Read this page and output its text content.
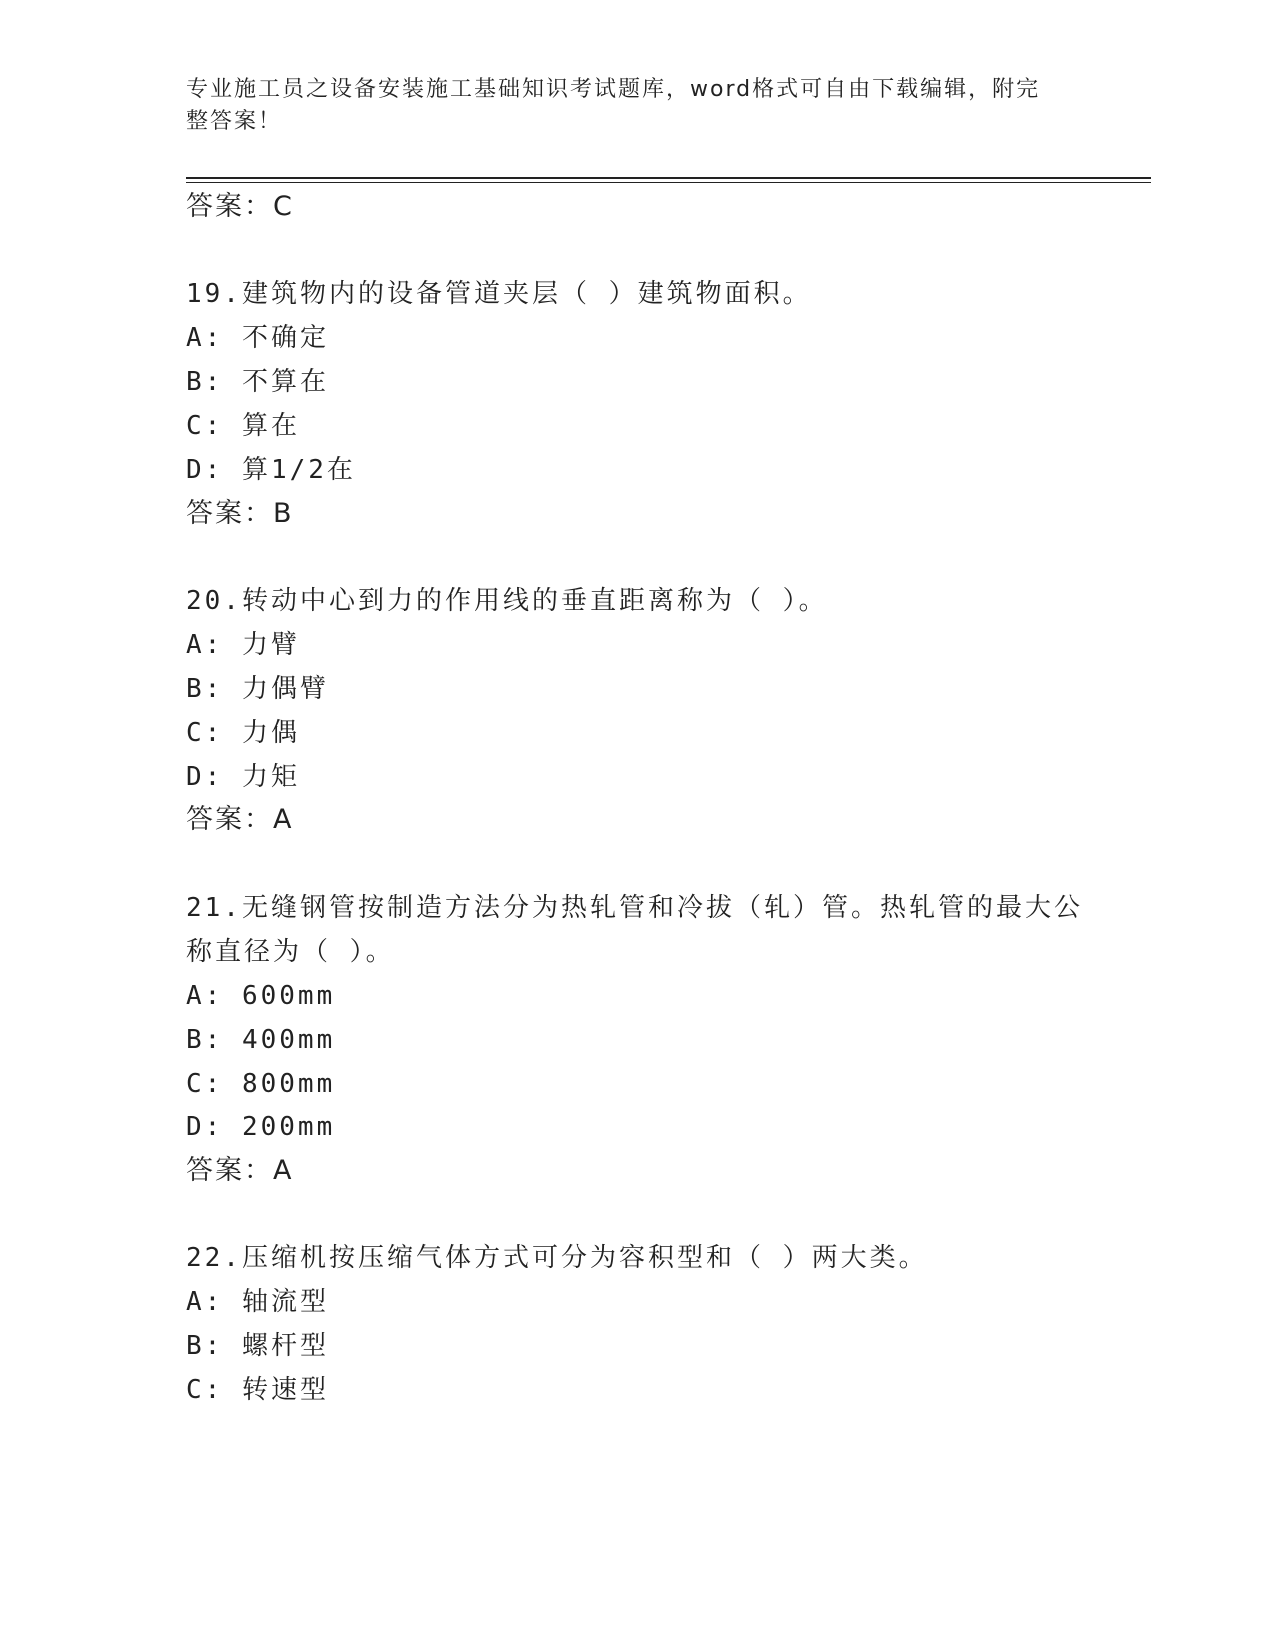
专业施工员之设备安装施工基础知识考试题库，word格式可自由下载编辑，附完
整答案！
答案：C
19.建筑物内的设备管道夹层（ ）建筑物面积。
A: 不确定
B: 不算在
C: 算在
D: 算1/2在
答案：B
20.转动中心到力的作用线的垂直距离称为（ ）。
A: 力臂
B: 力偶臂
C: 力偶
D: 力矩
答案：A
21.无缝钢管按制造方法分为热轧管和冷拔（轧）管。热轧管的最大公
称直径为（ ）。
A: 600mm
B: 400mm
C: 800mm
D: 200mm
答案：A
22.压缩机按压缩气体方式可分为容积型和（ ）两大类。
A: 轴流型
B: 螺杆型
C: 转速型
